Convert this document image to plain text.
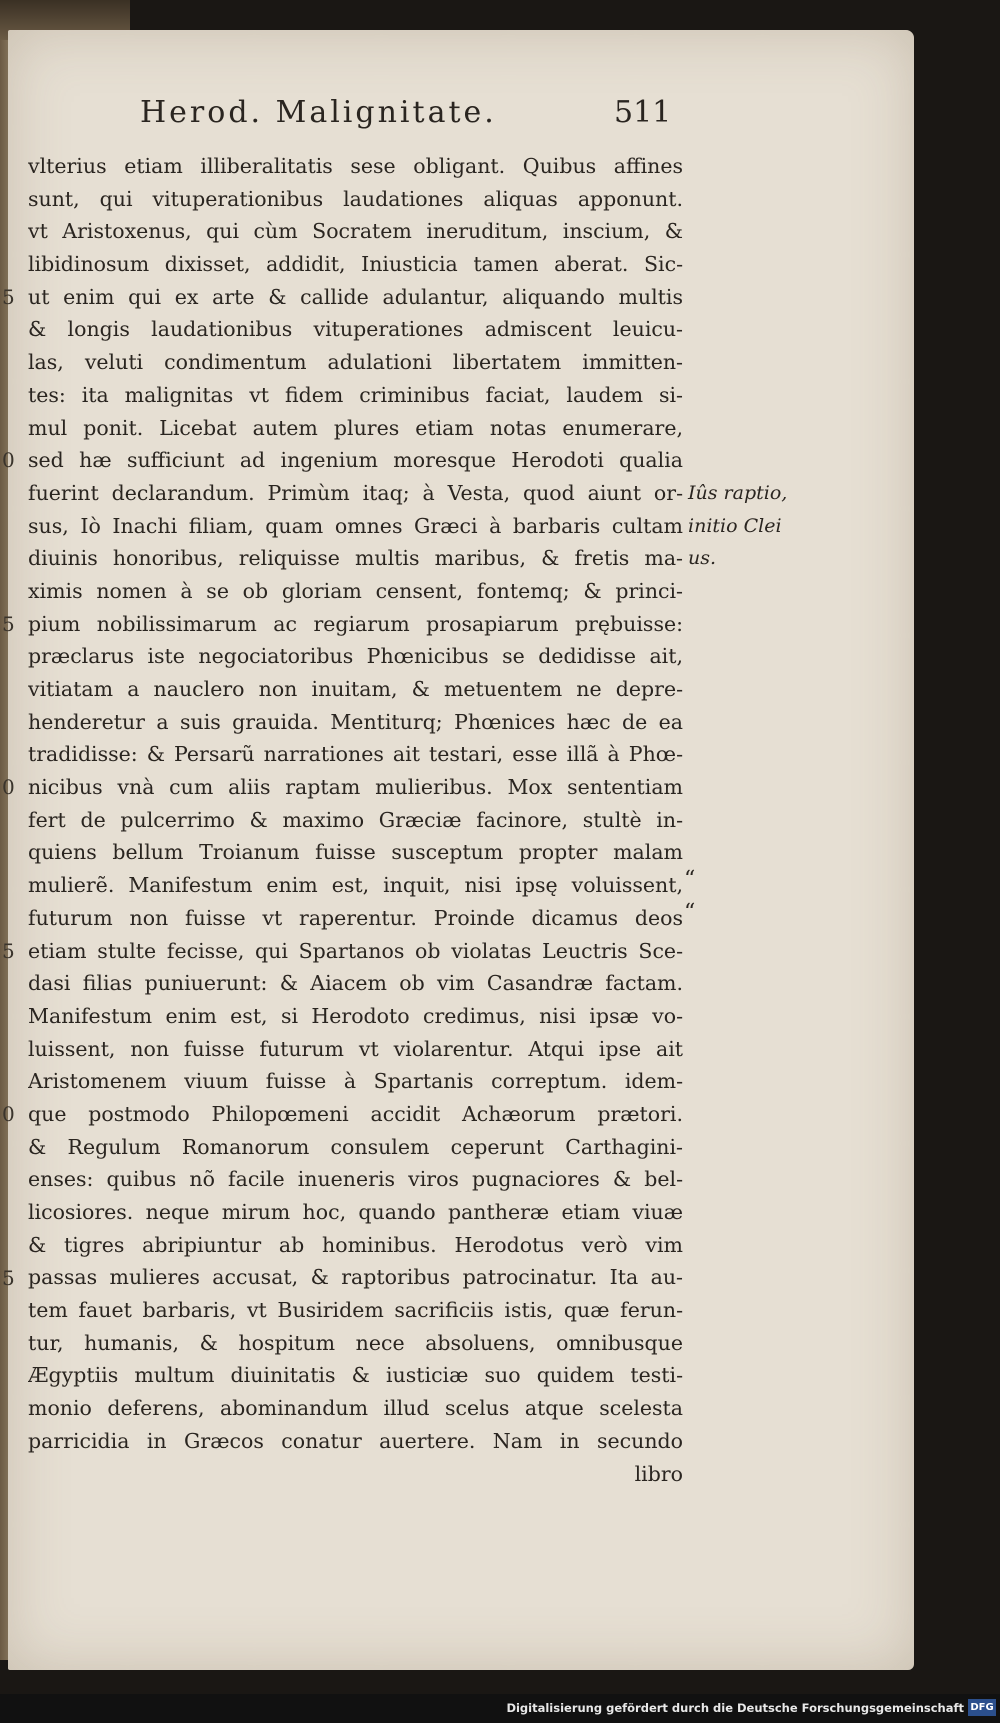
Herod. Malignitate.	511
vlterius etiam illiberalitatis sese obligant. Quibus affines
sunt, qui vituperationibus laudationes aliquas apponunt.
vt Aristoxenus, qui cùm Socratem ineruditum, inscium, &
libidinosum dixisset, addidit, Iniusticia tamen aberat. Sic-
ut enim qui ex arte & callide adulantur, aliquando multis
& longis laudationibus vituperationes admiscent leuicu-
las, veluti condimentum adulationi libertatem immitten-
tes: ita malignitas vt fidem criminibus faciat, laudem si-
mul ponit. Licebat autem plures etiam notas enumerare,
sed hæ sufficiunt ad ingenium moresque Herodoti qualia
fuerint declarandum. Primùm itaq; à Vesta, quod aiunt or-
sus, Iò Inachi filiam, quam omnes Græci à barbaris cultam
diuinis honoribus, reliquisse multis maribus, & fretis ma-
ximis nomen à se ob gloriam censent, fontemq; & princi-
pium nobilissimarum ac regiarum prosapiarum prębuisse:
præclarus iste negociatoribus Phœnicibus se dedidisse ait,
vitiatam a nauclero non inuitam, & metuentem ne depre-
henderetur a suis grauida. Mentiturq; Phœnices hæc de ea
tradidisse: & Persarũ narrationes ait testari, esse illã à Phœ-
nicibus vnà cum aliis raptam mulieribus. Mox sententiam
fert de pulcerrimo & maximo Græciæ facinore, stultè in-
quiens bellum Troianum fuisse susceptum propter malam
mulierẽ. Manifestum enim est, inquit, nisi ipsę voluissent,
futurum non fuisse vt raperentur. Proinde dicamus deos
etiam stulte fecisse, qui Spartanos ob violatas Leuctris Sce-
dasi filias puniuerunt: & Aiacem ob vim Casandræ factam.
Manifestum enim est, si Herodoto credimus, nisi ipsæ vo-
luissent, non fuisse futurum vt violarentur. Atqui ipse ait
Aristomenem viuum fuisse à Spartanis correptum. idem-
que postmodo Philopœmeni accidit Achæorum prætori.
& Regulum Romanorum consulem ceperunt Carthagini-
enses: quibus nõ facile inueneris viros pugnaciores & bel-
licosiores. neque mirum hoc, quando pantheræ etiam viuæ
& tigres abripiuntur ab hominibus. Herodotus verò vim
passas mulieres accusat, & raptoribus patrocinatur. Ita au-
tem fauet barbaris, vt Busiridem sacrificiis istis, quæ ferun-
tur, humanis, & hospitum nece absoluens, omnibusque
Ægyptiis multum diuinitatis & iusticiæ suo quidem testi-
monio deferens, abominandum illud scelus atque scelesta
parricidia in Græcos conatur auertere. Nam in secundo
libro
5
0
5
0
5
0
5
Iûs raptio,
initio Clei
us.
“
“
Digitalisierung gefördert durch die Deutsche Forschungsgemeinschaft DFG
